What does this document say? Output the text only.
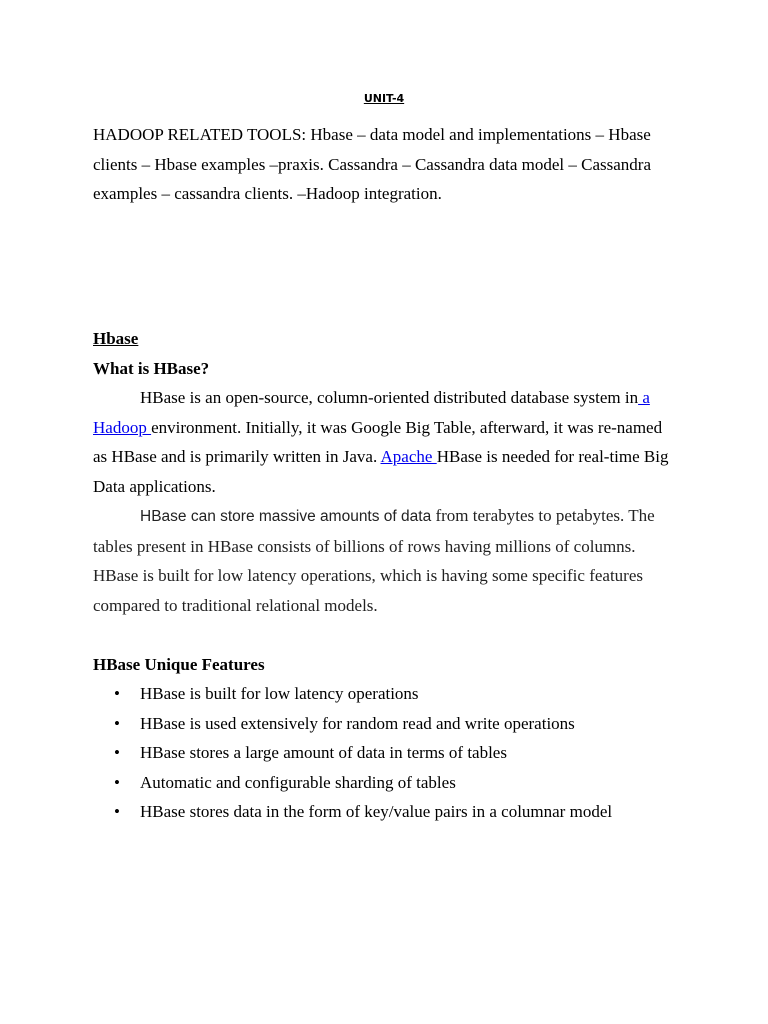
UNIT-4
HADOOP RELATED TOOLS: Hbase – data model and implementations – Hbase clients – Hbase examples –praxis. Cassandra – Cassandra data model – Cassandra examples – cassandra clients. –Hadoop integration.
Hbase
What is HBase?

HBase is an open-source, column-oriented distributed database system in a Hadoop environment. Initially, it was Google Big Table, afterward, it was re-named as HBase and is primarily written in Java. Apache HBase is needed for real-time Big Data applications.

HBase can store massive amounts of data from terabytes to petabytes. The tables present in HBase consists of billions of rows having millions of columns. HBase is built for low latency operations, which is having some specific features compared to traditional relational models.

HBase Unique Features
• HBase is built for low latency operations
• HBase is used extensively for random read and write operations
• HBase stores a large amount of data in terms of tables
• Automatic and configurable sharding of tables
• HBase stores data in the form of key/value pairs in a columnar model
